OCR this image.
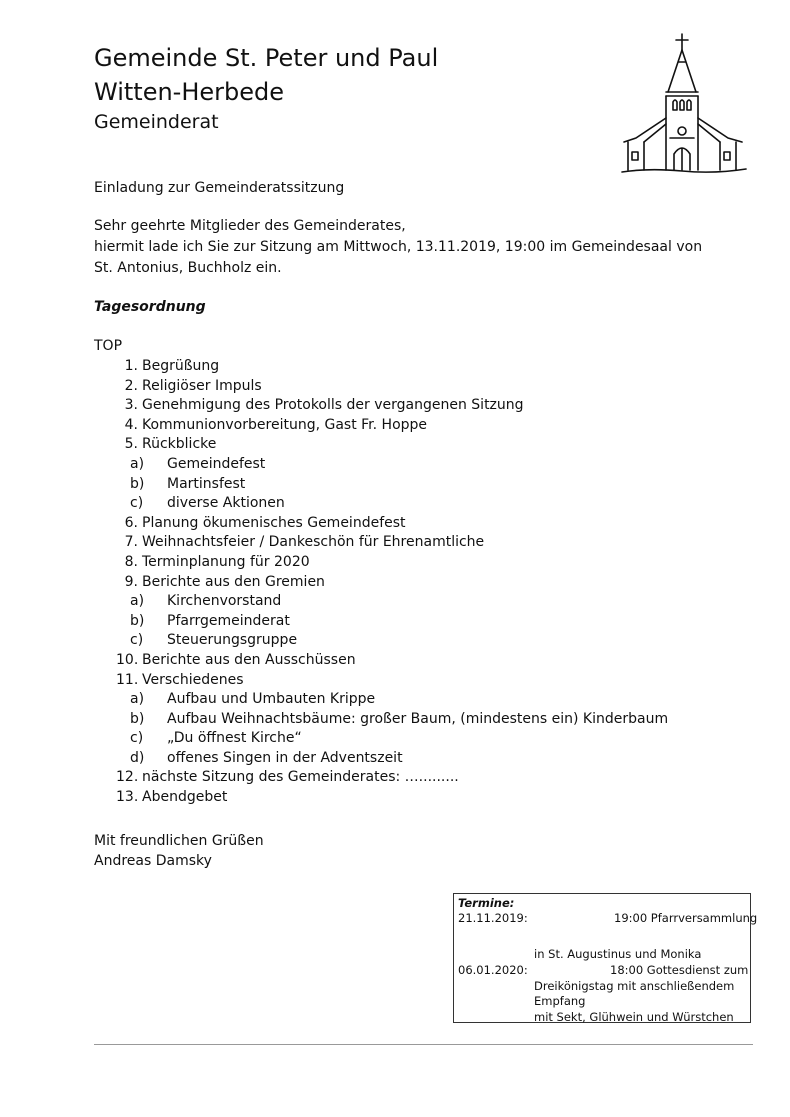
Gemeinde St. Peter und Paul
Witten-Herbede
Gemeinderat
Einladung zur Gemeinderatssitzung
Sehr geehrte Mitglieder des Gemeinderates,
hiermit lade ich Sie zur Sitzung am Mittwoch, 13.11.2019, 19:00 im Gemeindesaal von
St. Antonius, Buchholz ein.
Tagesordnung
TOP
1. Begrüßung
2. Religiöser Impuls
3. Genehmigung des Protokolls der vergangenen Sitzung
4. Kommunionvorbereitung, Gast Fr. Hoppe
5. Rückblicke
a)	Gemeindefest
b)	Martinsfest
c)	diverse Aktionen
6. Planung ökumenisches Gemeindefest
7. Weihnachtsfeier / Dankeschön für Ehrenamtliche
8. Terminplanung für 2020
9. Berichte aus den Gremien
a)	Kirchenvorstand
b)	Pfarrgemeinderat
c)	Steuerungsgruppe
10. Berichte aus den Ausschüssen
11. Verschiedenes
a)	Aufbau und Umbauten Krippe
b)	Aufbau Weihnachtsbäume: großer Baum, (mindestens ein) Kinderbaum
c)	„Du öffnest Kirche“
d)	offenes Singen in der Adventszeit
12. nächste Sitzung des Gemeinderates: ….........
13. Abendgebet
Mit freundlichen Grüßen
Andreas Damsky
Termine:
21.11.2019:	19:00 Pfarrversammlung
in St. Augustinus und Monika
06.01.2020:	18:00 Gottesdienst zum
Dreikönigstag mit anschließendem
Empfang
mit Sekt, Glühwein und Würstchen
